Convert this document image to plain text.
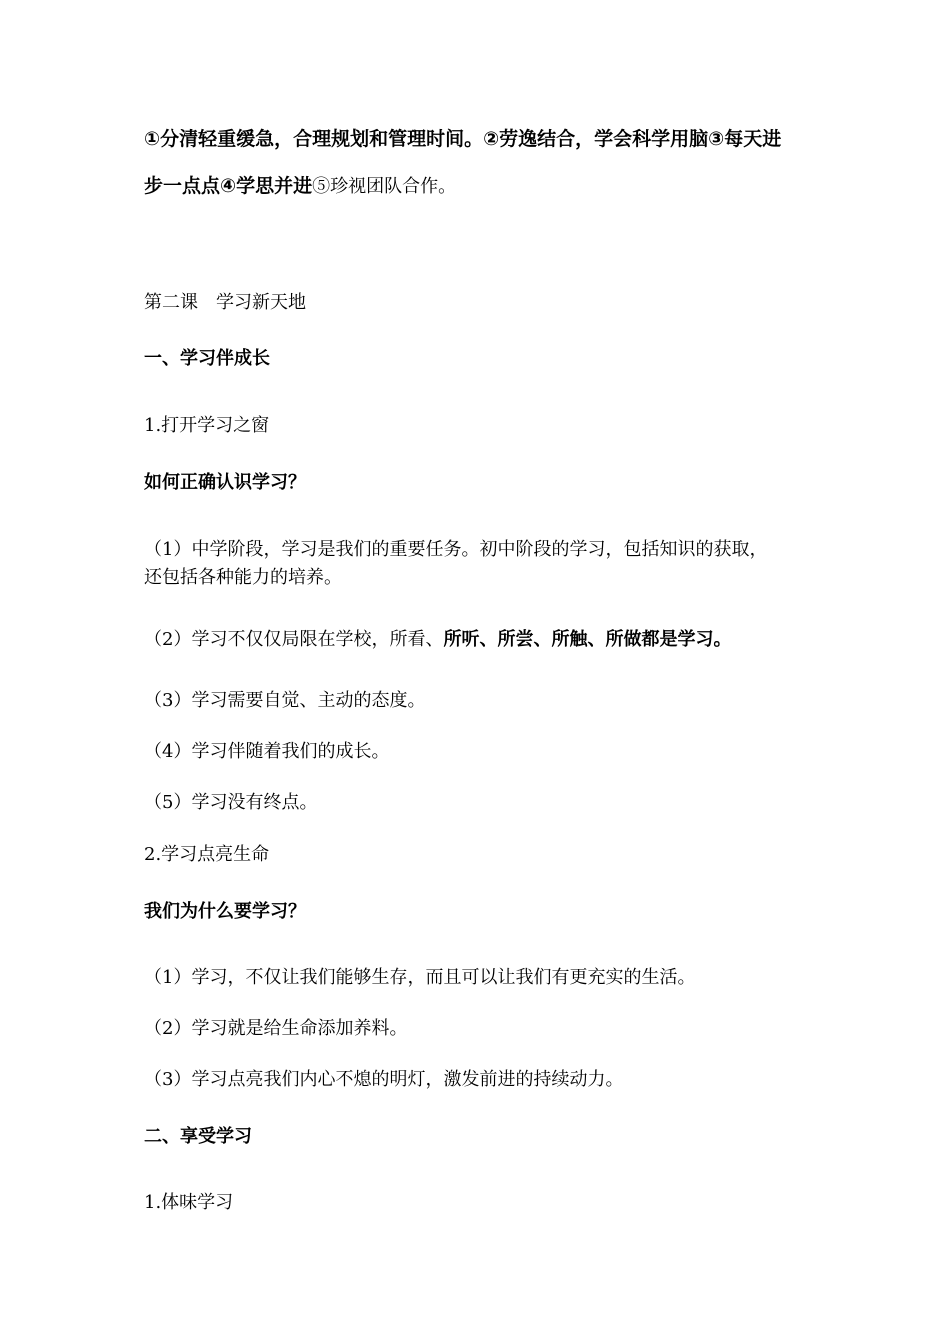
①分清轻重缓急，合理规划和管理时间。②劳逸结合，学会科学用脑③每天进
步一点点④学思并进⑤珍视团队合作。
第二课　学习新天地
一、学习伴成长
1.打开学习之窗
如何正确认识学习？
（1）中学阶段，学习是我们的重要任务。初中阶段的学习，包括知识的获取，
还包括各种能力的培养。
（2）学习不仅仅局限在学校，所看、所听、所尝、所触、所做都是学习。
（3）学习需要自觉、主动的态度。
（4）学习伴随着我们的成长。
（5）学习没有终点。
2.学习点亮生命
我们为什么要学习？
（1）学习，不仅让我们能够生存，而且可以让我们有更充实的生活。
（2）学习就是给生命添加养料。
（3）学习点亮我们内心不熄的明灯，激发前进的持续动力。
二、享受学习
1.体味学习
